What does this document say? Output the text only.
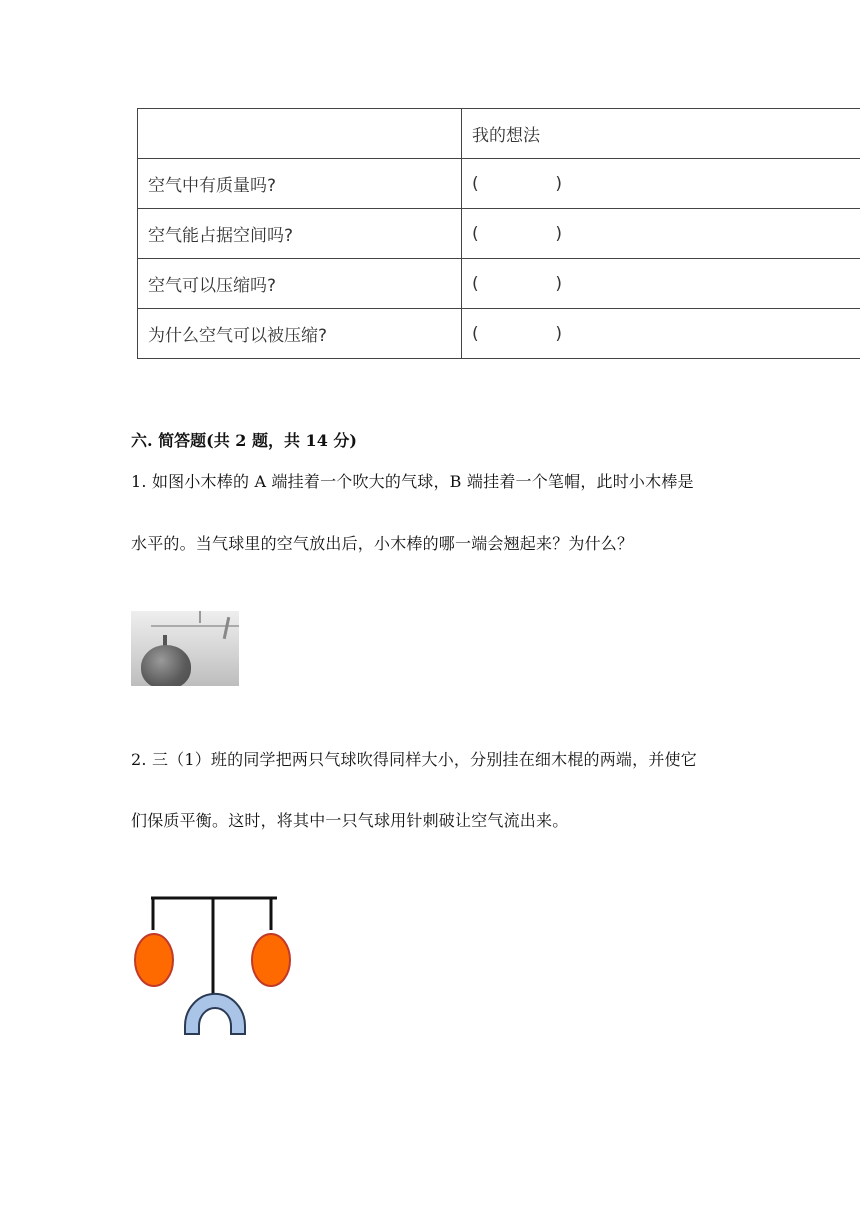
	我的想法
空气中有质量吗?	( )

空气能占据空间吗?	( )

空气可以压缩吗?	( )

为什么空气可以被压缩?	( )
六. 简答题(共 2 题，共 14 分)
1. 如图小木棒的 A 端挂着一个吹大的气球，B 端挂着一个笔帽，此时小木棒是
水平的。当气球里的空气放出后，小木棒的哪一端会翘起来？为什么？
2. 三（1）班的同学把两只气球吹得同样大小，分别挂在细木棍的两端，并使它
们保质平衡。这时，将其中一只气球用针刺破让空气流出来。
